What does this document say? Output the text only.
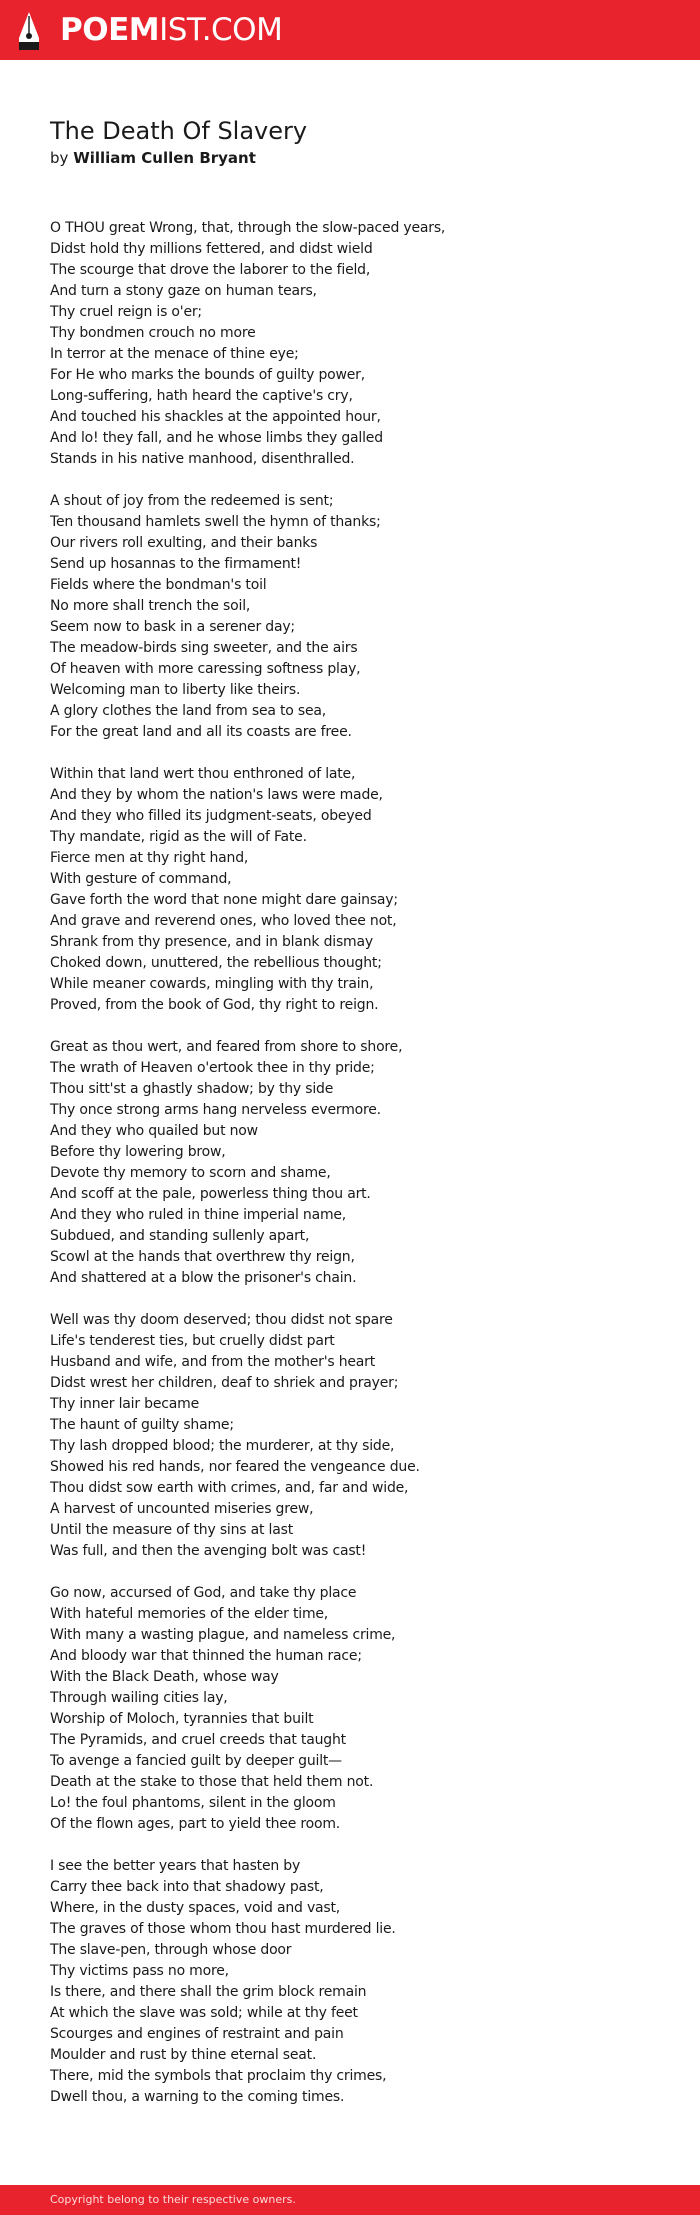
POEMIST.COM
The Death Of Slavery
by William Cullen Bryant
O THOU great Wrong, that, through the slow-paced years,
Didst hold thy millions fettered, and didst wield
The scourge that drove the laborer to the field,
And turn a stony gaze on human tears,
Thy cruel reign is o'er;
Thy bondmen crouch no more
In terror at the menace of thine eye;
For He who marks the bounds of guilty power,
Long-suffering, hath heard the captive's cry,
And touched his shackles at the appointed hour,
And lo! they fall, and he whose limbs they galled
Stands in his native manhood, disenthralled.
A shout of joy from the redeemed is sent;
Ten thousand hamlets swell the hymn of thanks;
Our rivers roll exulting, and their banks
Send up hosannas to the firmament!
Fields where the bondman's toil
No more shall trench the soil,
Seem now to bask in a serener day;
The meadow-birds sing sweeter, and the airs
Of heaven with more caressing softness play,
Welcoming man to liberty like theirs.
A glory clothes the land from sea to sea,
For the great land and all its coasts are free.
Within that land wert thou enthroned of late,
And they by whom the nation's laws were made,
And they who filled its judgment-seats, obeyed
Thy mandate, rigid as the will of Fate.
Fierce men at thy right hand,
With gesture of command,
Gave forth the word that none might dare gainsay;
And grave and reverend ones, who loved thee not,
Shrank from thy presence, and in blank dismay
Choked down, unuttered, the rebellious thought;
While meaner cowards, mingling with thy train,
Proved, from the book of God, thy right to reign.
Great as thou wert, and feared from shore to shore,
The wrath of Heaven o'ertook thee in thy pride;
Thou sitt'st a ghastly shadow; by thy side
Thy once strong arms hang nerveless evermore.
And they who quailed but now
Before thy lowering brow,
Devote thy memory to scorn and shame,
And scoff at the pale, powerless thing thou art.
And they who ruled in thine imperial name,
Subdued, and standing sullenly apart,
Scowl at the hands that overthrew thy reign,
And shattered at a blow the prisoner's chain.
Well was thy doom deserved; thou didst not spare
Life's tenderest ties, but cruelly didst part
Husband and wife, and from the mother's heart
Didst wrest her children, deaf to shriek and prayer;
Thy inner lair became
The haunt of guilty shame;
Thy lash dropped blood; the murderer, at thy side,
Showed his red hands, nor feared the vengeance due.
Thou didst sow earth with crimes, and, far and wide,
A harvest of uncounted miseries grew,
Until the measure of thy sins at last
Was full, and then the avenging bolt was cast!
Go now, accursed of God, and take thy place
With hateful memories of the elder time,
With many a wasting plague, and nameless crime,
And bloody war that thinned the human race;
With the Black Death, whose way
Through wailing cities lay,
Worship of Moloch, tyrannies that built
The Pyramids, and cruel creeds that taught
To avenge a fancied guilt by deeper guilt—
Death at the stake to those that held them not.
Lo! the foul phantoms, silent in the gloom
Of the flown ages, part to yield thee room.
I see the better years that hasten by
Carry thee back into that shadowy past,
Where, in the dusty spaces, void and vast,
The graves of those whom thou hast murdered lie.
The slave-pen, through whose door
Thy victims pass no more,
Is there, and there shall the grim block remain
At which the slave was sold; while at thy feet
Scourges and engines of restraint and pain
Moulder and rust by thine eternal seat.
There, mid the symbols that proclaim thy crimes,
Dwell thou, a warning to the coming times.
Copyright belong to their respective owners.
